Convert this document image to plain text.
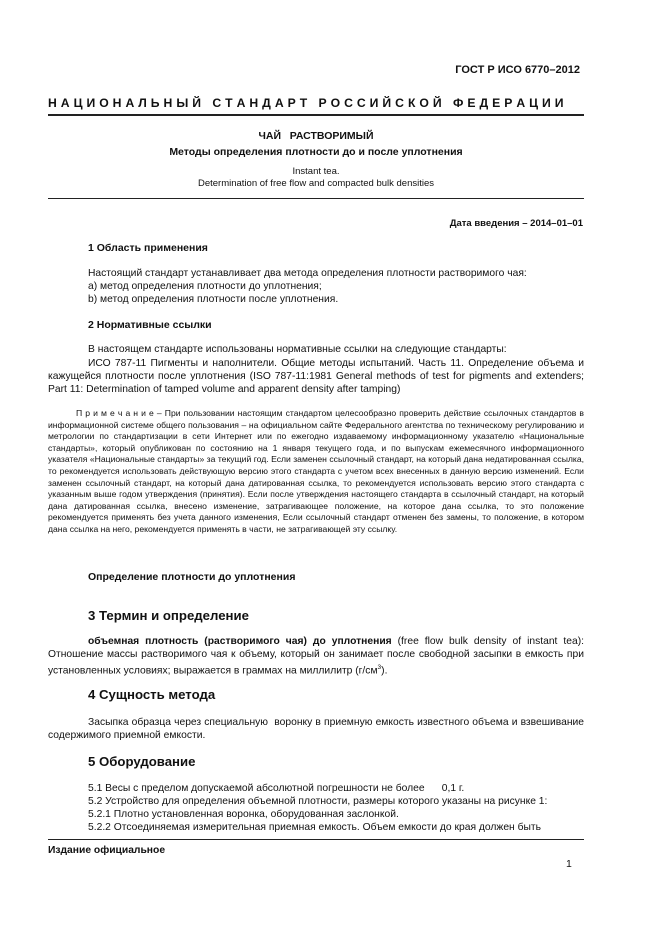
ГОСТ Р ИСО 6770–2012
Н А Ц И О Н А Л Ь Н Ы Й   С Т А Н Д А Р Т   Р О С С И Й С К О Й   Ф Е Д Е Р А Ц И И
ЧАЙ   РАСТВОРИМЫЙ
Методы определения плотности до и после уплотнения
Instant tea.
Determination of free flow and compacted bulk densities
Дата введения – 2014–01–01
1 Область применения
Настоящий стандарт устанавливает два метода определения плотности растворимого чая:
а) метод определения плотности до уплотнения;
b) метод определения плотности после уплотнения.
2 Нормативные ссылки
В настоящем стандарте использованы нормативные ссылки на следующие стандарты:
ИСО 787-11 Пигменты и наполнители. Общие методы испытаний. Часть 11. Определение объема и кажущейся плотности после уплотнения (ISO 787-11:1981 General methods of test for pigments and extenders; Part 11: Determination of tamped volume and apparent density after tamping)
П р и м е ч а н и е – При пользовании настоящим стандартом целесообразно проверить действие ссылочных стандартов в информационной системе общего пользования – на официальном сайте Федерального агентства по техническому регулированию и метрологии по стандартизации в сети Интернет или по ежегодно издаваемому информационному указателю «Национальные стандарты», который опубликован по состоянию на 1 января текущего года, и по выпускам ежемесячного информационного указателя «Национальные стандарты» за текущий год. Если заменен ссылочный стандарт, на который дана недатированная ссылка, то рекомендуется использовать действующую версию этого стандарта с учетом всех внесенных в данную версию изменений. Если заменен ссылочный стандарт, на который дана датированная ссылка, то рекомендуется использовать версию этого стандарта с указанным выше годом утверждения (принятия). Если после утверждения настоящего стандарта в ссылочный стандарт, на который дана датированная ссылка, внесено изменение, затрагивающее положение, на которое дана ссылка, то это положение рекомендуется применять без учета данного изменения, Если ссылочный стандарт отменен без замены, то положение, в котором дана ссылка на него, рекомендуется применять в части, не затрагивающей эту ссылку.
Определение плотности до уплотнения
3 Термин и определение
объемная плотность (растворимого чая) до уплотнения (free flow bulk density of instant tea): Отношение массы растворимого чая к объему, который он занимает после свободной засыпки в емкость при установленных условиях; выражается в граммах на миллилитр $(г/см^3)$.
4 Сущность метода
Засыпка образца через специальную  воронку в приемную емкость известного объема и взвешивание содержимого приемной емкости.
5 Оборудование
5.1 Весы с пределом допускаемой абсолютной погрешности не более      0,1 г.
5.2 Устройство для определения объемной плотности, размеры которого указаны на рисунке 1:
5.2.1 Плотно установленная воронка, оборудованная заслонкой.
5.2.2 Отсоединяемая измерительная приемная емкость. Объем емкости до края должен быть
Издание официальное
1
